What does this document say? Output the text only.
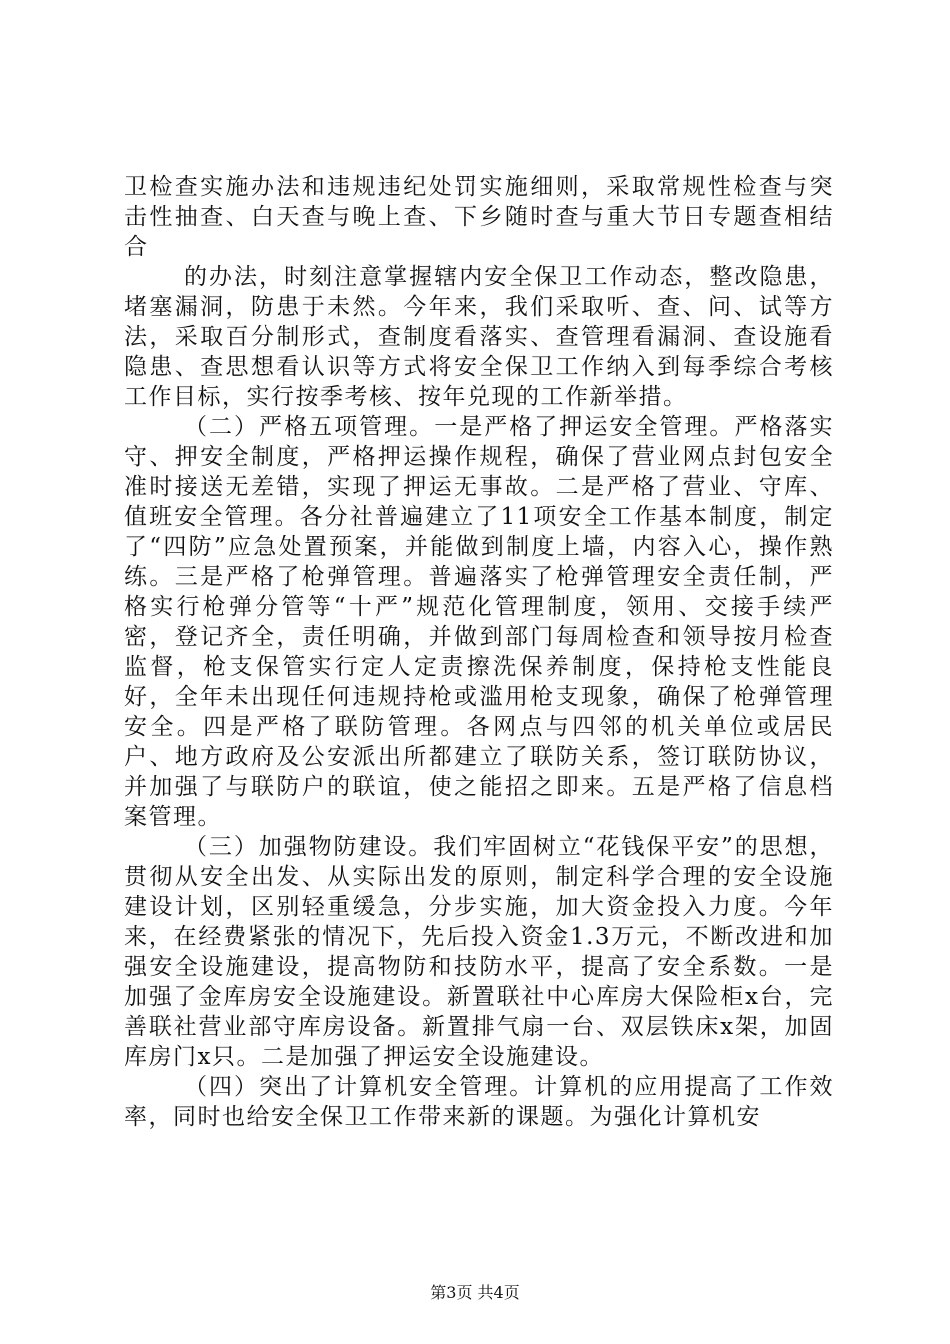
卫检查实施办法和违规违纪处罚实施细则，采取常规性检查与突击性抽查、白天查与晚上查、下乡随时查与重大节日专题查相结合

的办法，时刻注意掌握辖内安全保卫工作动态，整改隐患，堵塞漏洞，防患于未然。今年来，我们采取听、查、问、试等方法，采取百分制形式，查制度看落实、查管理看漏洞、查设施看隐患、查思想看认识等方式将安全保卫工作纳入到每季综合考核工作目标，实行按季考核、按年兑现的工作新举措。

（二）严格五项管理。一是严格了押运安全管理。严格落实守、押安全制度，严格押运操作规程，确保了营业网点封包安全准时接送无差错，实现了押运无事故。二是严格了营业、守库、值班安全管理。各分社普遍建立了11项安全工作基本制度，制定了“四防”应急处置预案，并能做到制度上墙，内容入心，操作熟练。三是严格了枪弹管理。普遍落实了枪弹管理安全责任制，严格实行枪弹分管等“十严”规范化管理制度，领用、交接手续严密，登记齐全，责任明确，并做到部门每周检查和领导按月检查监督，枪支保管实行定人定责擦洗保养制度，保持枪支性能良好，全年未出现任何违规持枪或滥用枪支现象，确保了枪弹管理安全。四是严格了联防管理。各网点与四邻的机关单位或居民户、地方政府及公安派出所都建立了联防关系，签订联防协议，并加强了与联防户的联谊，使之能招之即来。五是严格了信息档案管理。

（三）加强物防建设。我们牢固树立“花钱保平安”的思想，贯彻从安全出发、从实际出发的原则，制定科学合理的安全设施建设计划，区别轻重缓急，分步实施，加大资金投入力度。今年来，在经费紧张的情况下，先后投入资金1.3万元，不断改进和加强安全设施建设，提高物防和技防水平，提高了安全系数。一是加强了金库房安全设施建设。新置联社中心库房大保险柜x台，完善联社营业部守库房设备。新置排气扇一台、双层铁床x架，加固库房门x只。二是加强了押运安全设施建设。

（四）突出了计算机安全管理。计算机的应用提高了工作效率，同时也给安全保卫工作带来新的课题。为强化计算机安

第3页 共4页
